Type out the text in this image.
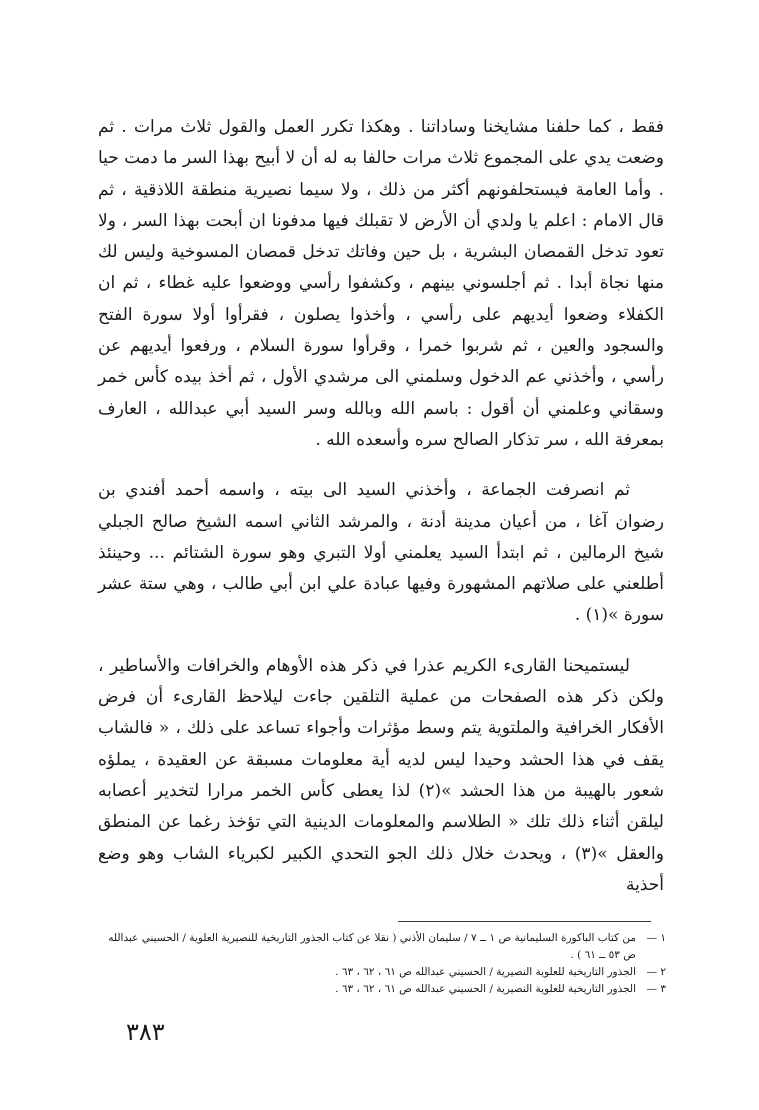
فقط ، كما حلفنا مشايخنا وساداتنا . وهكذا تكرر العمل والقول ثلاث مرات . ثم وضعت يدي على المجموع ثلاث مرات حالفا به له أن لا أبيح بهذا السر ما دمت حيا . وأما العامة فيستحلفونهم أكثر من ذلك ، ولا سيما نصيرية منطقة اللاذقية ، ثم قال الامام : اعلم يا ولدي أن الأرض لا تقبلك فيها مدفونا ان أبحت بهذا السر ، ولا تعود تدخل القمصان البشرية ، بل حين وفاتك تدخل قمصان المسوخية وليس لك منها نجاة أبدا . ثم أجلسوني بينهم ، وكشفوا رأسي ووضعوا عليه غطاء ، ثم ان الكفلاء وضعوا أيديهم على رأسي ، وأخذوا يصلون ، فقرأوا أولا سورة الفتح والسجود والعين ، ثم شربوا خمرا ، وقرأوا سورة السلام ، ورفعوا أيديهم عن رأسي ، وأخذني عم الدخول وسلمني الى مرشدي الأول ، ثم أخذ بيده كأس خمر وسقاني وعلمني أن أقول : باسم الله وبالله وسر السيد أبي عبدالله ، العارف بمعرفة الله ، سر تذكار الصالح سره وأسعده الله .

ثم انصرفت الجماعة ، وأخذني السيد الى بيته ، واسمه أحمد أفندي بن رضوان آغا ، من أعيان مدينة أدنة ، والمرشد الثاني اسمه الشيخ صالح الجبلي شيخ الرمالين ، ثم ابتدأ السيد يعلمني أولا التبري وهو سورة الشتائم ... وحينئذ أطلعني على صلاتهم المشهورة وفيها عبادة علي ابن أبي طالب ، وهي ستة عشر سورة »(١) .

ليستميحنا القارىء الكريم عذرا في ذكر هذه الأوهام والخرافات والأساطير ، ولكن ذكر هذه الصفحات من عملية التلقين جاءت ليلاحظ القارىء أن فرض الأفكار الخرافية والملتوية يتم وسط مؤثرات وأجواء تساعد على ذلك ، « فالشاب يقف في هذا الحشد وحيدا ليس لديه أية معلومات مسبقة عن العقيدة ، يملؤه شعور بالهيبة من هذا الحشد »(٢) لذا يعطى كأس الخمر مرارا لتخدير أعصابه ليلقن أثناء ذلك تلك « الطلاسم والمعلومات الدينية التي تؤخذ رغما عن المنطق والعقل »(٣) ، ويحدث خلال ذلك الجو التحدي الكبير لكبرياء الشاب وهو وضع أحذية

١ —
من كتاب الباكورة السليمانية ص ١ ــ ٧ / سليمان الأذني ( نقلا عن كتاب الجذور التاريخية للنصيرية العلوية / الحسيني عبدالله ص ٥٣ ــ ٦١ ) .
٢ —
الجذور التاريخية للعلوية النصيرية / الحسيني عبدالله ص ٦١ ، ٦٢ ، ٦٣ .
٣ —
الجذور التاريخية للعلوية النصيرية / الحسيني عبدالله ص ٦١ ، ٦٢ ، ٦٣ .
٣٨٣
